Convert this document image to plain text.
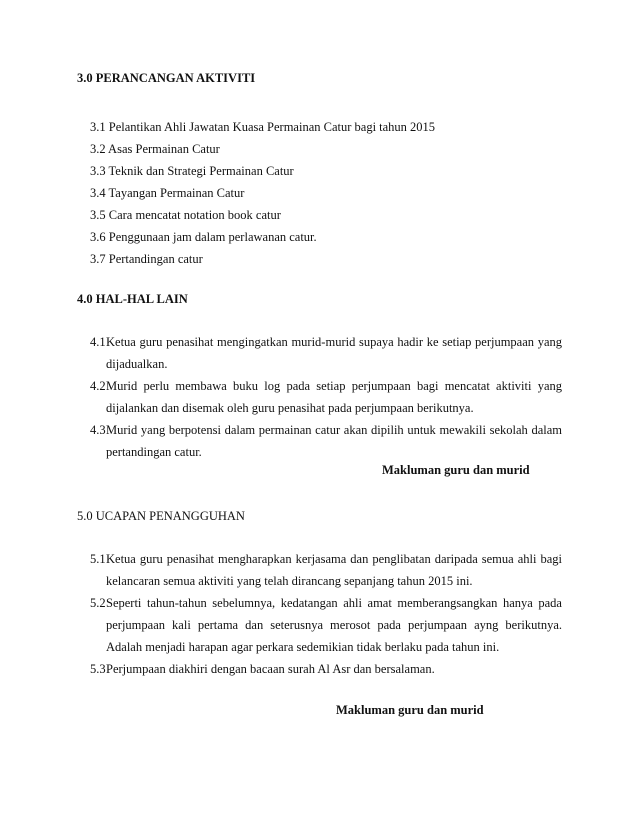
3.0 PERANCANGAN AKTIVITI
3.1 Pelantikan Ahli Jawatan Kuasa Permainan Catur bagi tahun 2015
3.2 Asas Permainan Catur
3.3 Teknik dan Strategi Permainan Catur
3.4 Tayangan Permainan Catur
3.5 Cara mencatat notation book catur
3.6 Penggunaan jam dalam perlawanan catur.
3.7 Pertandingan catur
4.0 HAL-HAL LAIN
4.1 Ketua guru penasihat mengingatkan murid-murid supaya hadir ke setiap perjumpaan yang dijadualkan.
4.2 Murid perlu membawa buku log pada setiap perjumpaan bagi mencatat aktiviti yang dijalankan dan disemak oleh guru penasihat pada perjumpaan berikutnya.
4.3 Murid yang berpotensi dalam permainan catur akan dipilih untuk mewakili sekolah dalam pertandingan catur.
Makluman guru dan murid
5.0 UCAPAN PENANGGUHAN
5.1 Ketua guru penasihat mengharapkan kerjasama dan penglibatan daripada semua ahli bagi kelancaran semua aktiviti yang telah dirancang sepanjang tahun 2015 ini.
5.2 Seperti tahun-tahun sebelumnya, kedatangan ahli amat memberangsangkan hanya pada perjumpaan kali pertama dan seterusnya merosot pada perjumpaan ayng berikutnya. Adalah menjadi harapan agar perkara sedemikian tidak berlaku pada tahun ini.
5.3 Perjumpaan diakhiri dengan bacaan surah Al Asr dan bersalaman.
Makluman guru dan murid
